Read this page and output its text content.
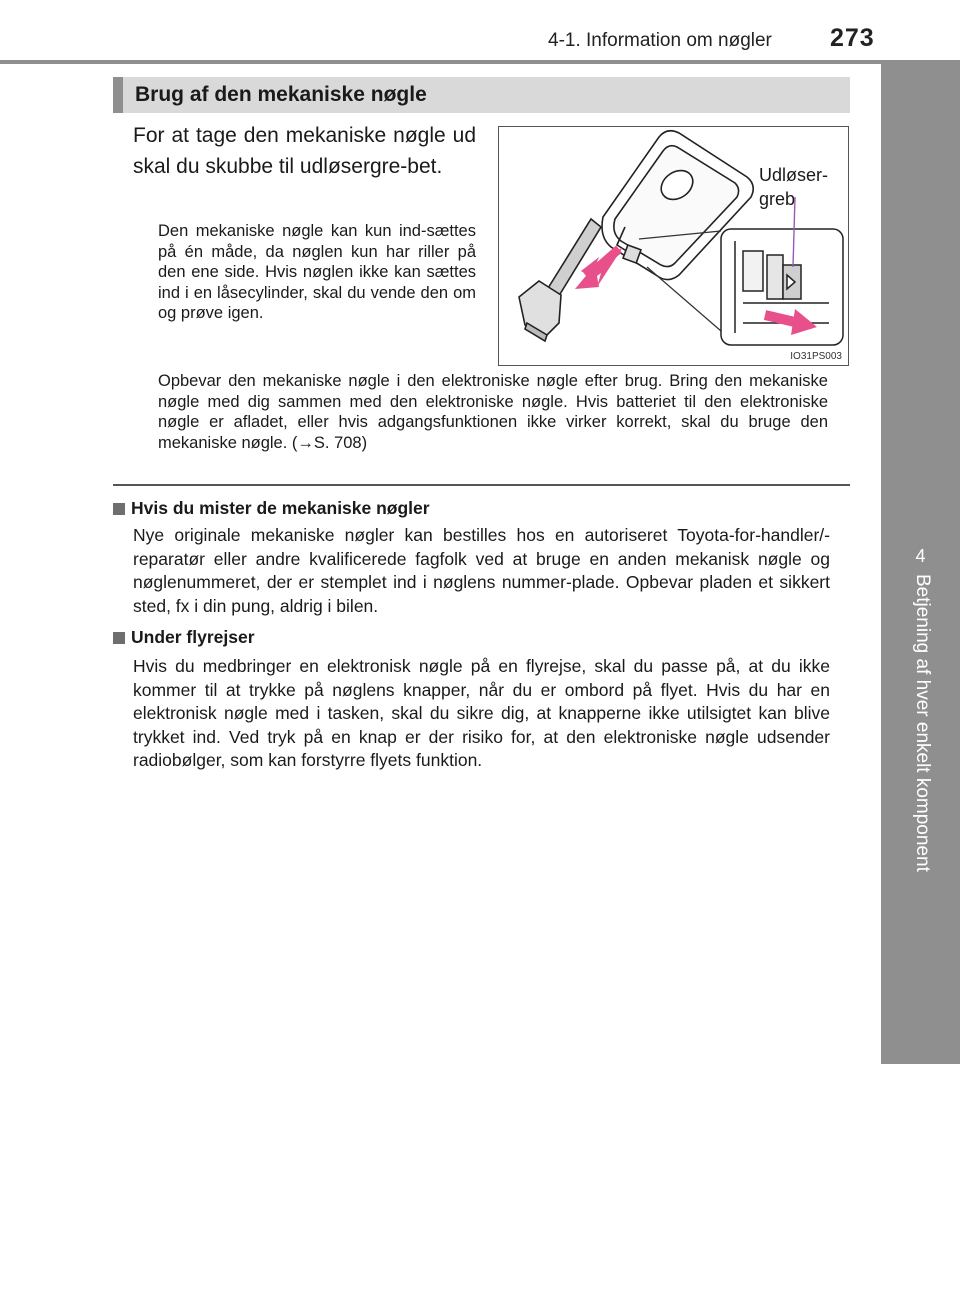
4-1. Information om nøgler 273
4
Betjening af hver enkelt komponent
Brug af den mekaniske nøgle
For at tage den mekaniske nøgle ud skal du skubbe til udløsergre-bet.
Den mekaniske nøgle kan kun ind-sættes på én måde, da nøglen kun har riller på den ene side. Hvis nøglen ikke kan sættes ind i en låsecylinder, skal du vende den om og prøve igen.
Opbevar den mekaniske nøgle i den elektroniske nøgle efter brug. Bring den mekaniske nøgle med dig sammen med den elektroniske nøgle. Hvis batteriet til den elektroniske nøgle er afladet, eller hvis adgangsfunktionen ikke virker korrekt, skal du bruge den mekaniske nøgle. (→S. 708)
Udløser-
greb
IO31PS003
Hvis du mister de mekaniske nøgler
Nye originale mekaniske nøgler kan bestilles hos en autoriseret Toyota-for-handler/-reparatør eller andre kvalificerede fagfolk ved at bruge en anden mekanisk nøgle og nøglenummeret, der er stemplet ind i nøglens nummer-plade. Opbevar pladen et sikkert sted, fx i din pung, aldrig i bilen.
Under flyrejser
Hvis du medbringer en elektronisk nøgle på en flyrejse, skal du passe på, at du ikke kommer til at trykke på nøglens knapper, når du er ombord på flyet. Hvis du har en elektronisk nøgle med i tasken, skal du sikre dig, at knapperne ikke utilsigtet kan blive trykket ind. Ved tryk på en knap er der risiko for, at den elektroniske nøgle udsender radiobølger, som kan forstyrre flyets funktion.
